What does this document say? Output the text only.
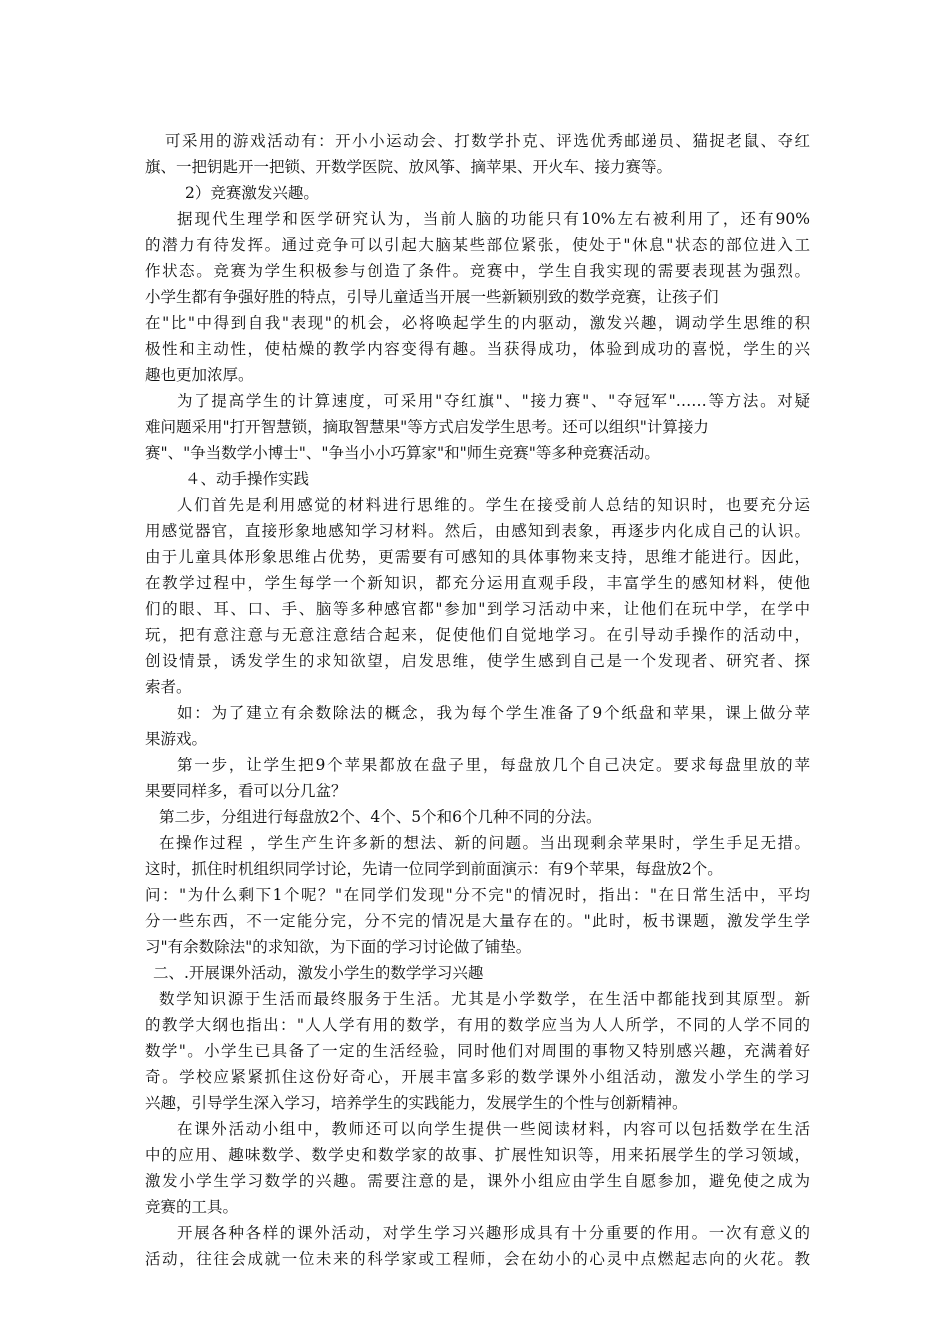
可采用的游戏活动有：开小小运动会、打数学扑克、评选优秀邮递员、猫捉老鼠、夺红
旗、一把钥匙开一把锁、开数学医院、放风筝、摘苹果、开火车、接力赛等。
2）竞赛激发兴趣。
据现代生理学和医学研究认为，当前人脑的功能只有10%左右被利用了，还有90%
的潜力有待发挥。通过竞争可以引起大脑某些部位紧张，使处于"休息"状态的部位进入工
作状态。竞赛为学生积极参与创造了条件。竞赛中，学生自我实现的需要表现甚为强烈。
小学生都有争强好胜的特点，引导儿童适当开展一些新颖别致的数学竞赛，让孩子们
在"比"中得到自我"表现"的机会，必将唤起学生的内驱动，激发兴趣，调动学生思维的积
极性和主动性，使枯燥的教学内容变得有趣。当获得成功，体验到成功的喜悦，学生的兴
趣也更加浓厚。
为了提高学生的计算速度，可采用"夺红旗"、"接力赛"、"夺冠军"……等方法。对疑
难问题采用"打开智慧锁，摘取智慧果"等方式启发学生思考。还可以组织"计算接力
赛"、"争当数学小博士"、"争当小小巧算家"和"师生竞赛"等多种竞赛活动。
４、动手操作实践
人们首先是利用感觉的材料进行思维的。学生在接受前人总结的知识时，也要充分运
用感觉器官，直接形象地感知学习材料。然后，由感知到表象，再逐步内化成自己的认识。
由于儿童具体形象思维占优势，更需要有可感知的具体事物来支持，思维才能进行。因此，
在教学过程中，学生每学一个新知识，都充分运用直观手段，丰富学生的感知材料，使他
们的眼、耳、口、手、脑等多种感官都"参加"到学习活动中来，让他们在玩中学，在学中
玩，把有意注意与无意注意结合起来，促使他们自觉地学习。在引导动手操作的活动中，
创设情景，诱发学生的求知欲望，启发思维，使学生感到自己是一个发现者、研究者、探
索者。
如：为了建立有余数除法的概念，我为每个学生准备了9个纸盘和苹果，课上做分苹
果游戏。
第一步，让学生把9个苹果都放在盘子里，每盘放几个自己决定。要求每盘里放的苹
果要同样多，看可以分几盆？
第二步，分组进行每盘放2个、4个、5个和6个几种不同的分法。
在操作过程 ，学生产生许多新的想法、新的问题。当出现剩余苹果时，学生手足无措。
这时，抓住时机组织同学讨论，先请一位同学到前面演示：有9个苹果，每盘放2个。
问："为什么剩下1个呢？"在同学们发现"分不完"的情况时，指出："在日常生活中，平均
分一些东西，不一定能分完，分不完的情况是大量存在的。"此时，板书课题，激发学生学
习"有余数除法"的求知欲，为下面的学习讨论做了铺垫。
二、.开展课外活动，激发小学生的数学学习兴趣
数学知识源于生活而最终服务于生活。尤其是小学数学，在生活中都能找到其原型。新
的教学大纲也指出："人人学有用的数学，有用的数学应当为人人所学，不同的人学不同的
数学"。小学生已具备了一定的生活经验，同时他们对周围的事物又特别感兴趣，充满着好
奇。学校应紧紧抓住这份好奇心，开展丰富多彩的数学课外小组活动，激发小学生的学习
兴趣，引导学生深入学习，培养学生的实践能力，发展学生的个性与创新精神。
在课外活动小组中，教师还可以向学生提供一些阅读材料，内容可以包括数学在生活
中的应用、趣味数学、数学史和数学家的故事、扩展性知识等，用来拓展学生的学习领域，
激发小学生学习数学的兴趣。需要注意的是，课外小组应由学生自愿参加，避免使之成为
竞赛的工具。
开展各种各样的课外活动，对学生学习兴趣形成具有十分重要的作用。一次有意义的
活动，往往会成就一位未来的科学家或工程师，会在幼小的心灵中点燃起志向的火花。教
